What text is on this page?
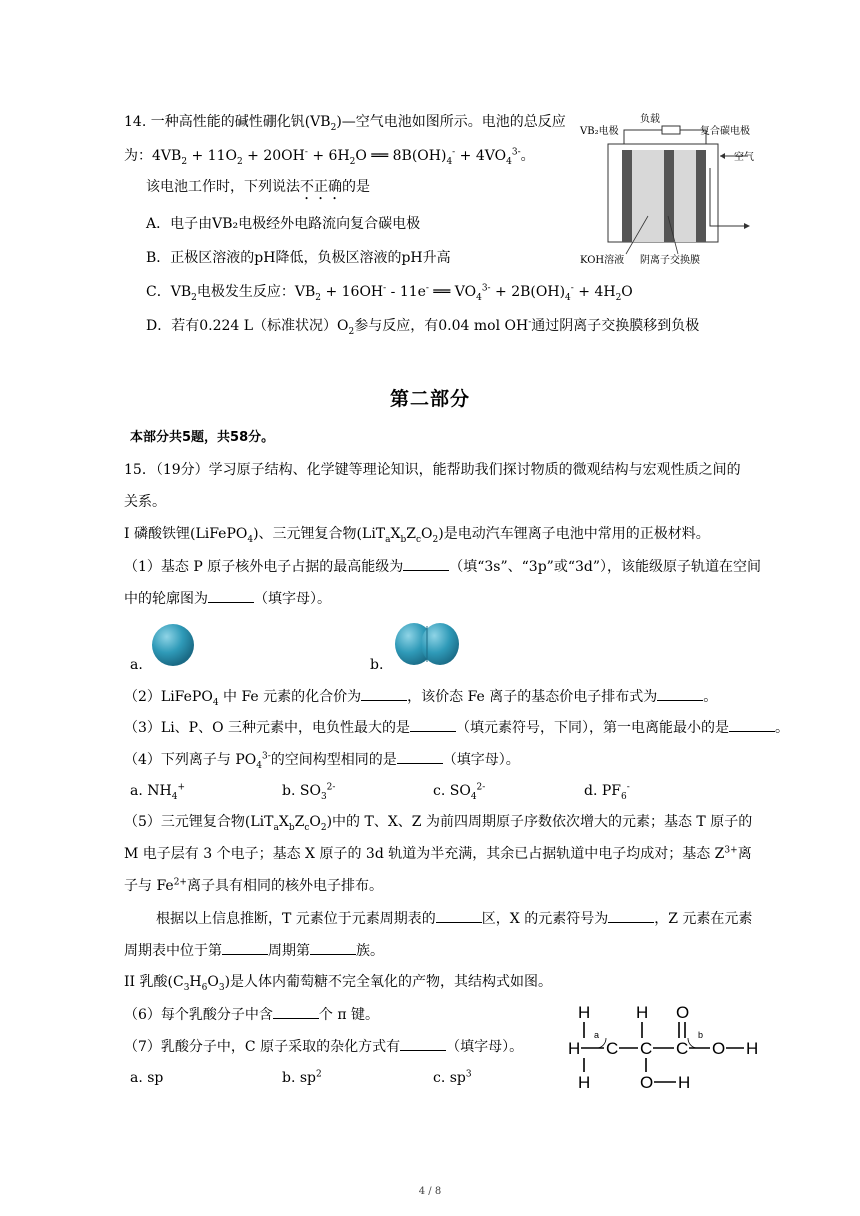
14. 一种高性能的碱性硼化钒$(VB_2)—$空气电池如图所示。电池的总反应
为：$4VB_2 + 11O_2 + 20OH^- + 6H_2O$ ══ $8B(OH)_4^- + 4VO_4^{3-}$。
该电池工作时，下列说法不正确的是
A．电子由VB₂电极经外电路流向复合碳电极
B．正极区溶液的pH降低，负极区溶液的pH升高
C．$VB_2$电极发生反应：$VB_2 + 16OH^- - 11e^-$ ══ $VO_4^{3-} + 2B(OH)_4^- + 4H_2O$
D．若有0.224 L（标准状况）$O_2$参与反应，有0.04 mol OH-通过阴离子交换膜移到负极
负载
VB₂电极	复合碳电极
空气
KOH溶液 阴离子交换膜
第二部分
本部分共5题，共58分。
15．（19分）学习原子结构、化学键等理论知识，能帮助我们探讨物质的微观结构与宏观性质之间的
关系。
I 磷酸铁锂(LiFePO$_4$)、三元锂复合物$(LiT_aX_bZ_cO_2)$是电动汽车锂离子电池中常用的正极材料。
（1）基态 P 原子核外电子占据的最高能级为	（填“3s”、“3p”或“3d”），该能级原子轨道在空间
中的轮廓图为	（填字母）。
a.	b.
（2）LiFePO$_4$ 中 Fe 元素的化合价为	，该价态 Fe 离子的基态价电子排布式为	。
（3）Li、P、O 三种元素中，电负性最大的是	（填元素符号，下同），第一电离能最小的是	。
（4）下列离子与 $PO_4^{3-}$的空间构型相同的是	（填字母）。
a. $NH_4^+$	b. $SO_3^{2-}$	c. $SO_4^{2-}$	d. $PF_6^-$
（5）三元锂复合物$(LiT_aX_bZ_cO_2)$中的 T、X、Z 为前四周期原子序数依次增大的元素；基态 T 原子的
M 电子层有 3 个电子；基态 X 原子的 3d 轨道为半充满，其余已占据轨道中电子均成对；基态 $Z^{3+}$离
子与 $Fe^{2+}$离子具有相同的核外电子排布。
根据以上信息推断，T 元素位于元素周期表的	区，X 的元素符号为	，Z 元素在元素
周期表中位于第	周期第	族。
II 乳酸$(C_3H_6O_3)$是人体内葡萄糖不完全氧化的产物，其结构式如图。
（6）每个乳酸分子中含	个 π 键。
（7）乳酸分子中，C 原子采取的杂化方式有	（填字母）。
a. sp	b. $sp^2$	c. $sp^3$
H	H O
H C C C O H
H	O H
a	b
4 / 8
